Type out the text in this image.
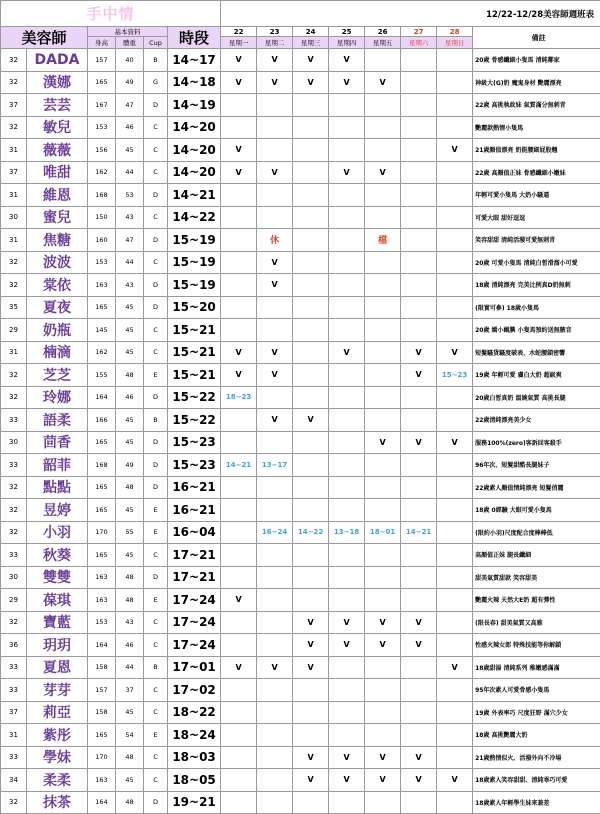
手中情						12/22-12/28美容師週班表							
美容師		基本資料			時段	22	23	24	25	26	27	28	備註
		身高	體重	Cup		星期一	星期二	星期三	星期四	星期五	星期六	星期日	
32	DADA	157	40	B	14~17	V	V	V	V				20歲 骨感纖細小隻馬 清純鄰家
32	漢娜	165	49	G	14~18	V	V	V	V	V			神級大(G)奶 魔鬼身材 艷麗漂亮
37	芸芸	167	47	D	14~19								22歲 高挑執政妹 氣質滿分無刺青
32	敏兒	153	46	C	14~20								艷麗款熱情小隻馬
31	薇薇	156	45	C	14~20	V						V	21歲顏值漂亮 奶挺腰細屁股翹
37	唯甜	162	44	C	14~20	V	V		V	V			22歲 高顏值正妹 骨感纖細小嫩妹
31	維恩	168	53	D	14~21								年輕可愛小隻馬 大奶小騷逼
30	蜜兒	150	43	C	14~22								可愛大眼 甜好逗逗
31	焦糖	160	47	D	15~19		休			檔			笑容甜甜 清純活潑可愛無刺青
32	波波	153	44	C	15~19		V						20歲 可愛小隻馬 清純白皙滑溜小可愛
32	棠依	163	43	D	15~19		V						18歲 清純漂亮 完美比例真D奶無刺
35	夏夜	165	45	D	15~20								(限實可參) 18歲小隻馬
29	奶瓶	145	45	C	15~21								20歲 嬌小靦腆 小隻馬預約送無腋音
31	楠滴	162	45	C	15~21	V	V		V		V	V	短髮騷貨騷度破表，水蛇腰鎖密響
32	芝芝	155	48	E	15~21	V	V				V	15~23	19歲 年輕可愛 膚白大奶 超級爽
32	玲娜	164	46	D	15~22	18~23							20歲白皙真奶 溫婉氣質 高挑長腿
33	語柔	166	45	B	15~22		V	V					22歲清純漂亮美少女
30	茴香	165	45	D	15~23					V	V	V	服務100%(zero)客訴回客殺手
33	韶菲	168	49	D	15~23	14~21	13~17						96年次、短髮甜酷長腿妹子
32	點點	165	48	D	16~21								22歲素人顏值情純漂亮 短髮俏麗
32	昱婷	165	45	E	16~21								18歲 0經驗 大眼可愛小隻馬
32	小羽	170	55	E	16~04		16~24	14~22	13~18	18~01	14~21		(限約小羽)尺度配合度棒棒低
33	秋葵	165	45	C	17~21								高顏值正妹 腿長纖細
30	雙雙	163	48	D	17~21								甜美氣質甜款 笑容甜美
29	葆琪	163	48	E	17~24	V							艷麗火辣 天然大E奶 超有彈性
32	寶藍	153	43	C	17~24			V	V	V	V		(限長春) 甜美氣質又高雅
36	玥玥	164	46	C	17~24			V	V	V	V		性感火辣女郎 特殊技能等你解鎖
33	夏恩	158	44	B	17~01	V	V	V				V	18歲甜湯 清純系列 稚嫩感滿滿
33	芽芽	157	37	C	17~02								95年次素人可愛骨感小隻馬
37	莉亞	158	45	C	18~22								19歲 外表率巧 尺度狂野 滿穴少女
31	紫彤	165	54	E	18~24								18歲 高挑艷麗大奶
33	學妹	170	48	C	18~03			V	V	V	V		21歲熱情似火、活潑外向不冷場
34	柔柔	163	45	C	18~05			V	V	V	V	V	18歲素人笑容甜甜、清純乖巧可愛
32	抹茶	164	48	D	19~21								18歲素人年輕學生妹來兼差
